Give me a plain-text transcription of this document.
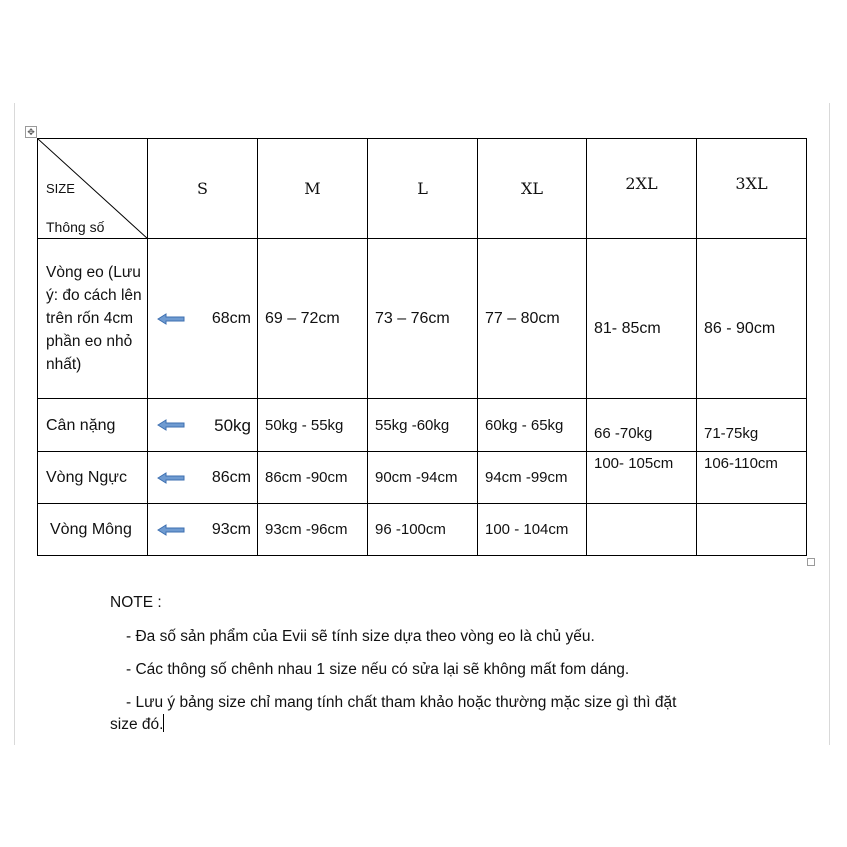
✥
SIZE
Thông số	S	M	L	XL	2XL	3XL
Vòng eo (Lưu ý: đo cách lên trên rốn 4cm phần eo nhỏ nhất)	68cm	69 – 72cm	73 – 76cm	77 – 80cm	81- 85cm	86 - 90cm
Cân nặng	50kg	50kg - 55kg	55kg -60kg	60kg - 65kg	66 -70kg	71-75kg
Vòng Ngực	86cm	86cm -90cm	90cm -94cm	94cm -99cm	100- 105cm	106-110cm
Vòng Mông	93cm	93cm -96cm	96 -100cm	100 - 104cm		

NOTE :

- Đa số sản phẩm của Evii sẽ tính size dựa theo vòng eo là chủ yếu.

- Các thông số chênh nhau 1 size nếu có sửa lại sẽ không mất fom dáng.

- Lưu ý bảng size chỉ mang tính chất tham khảo hoặc thường mặc size gì thì đặt

size đó.
